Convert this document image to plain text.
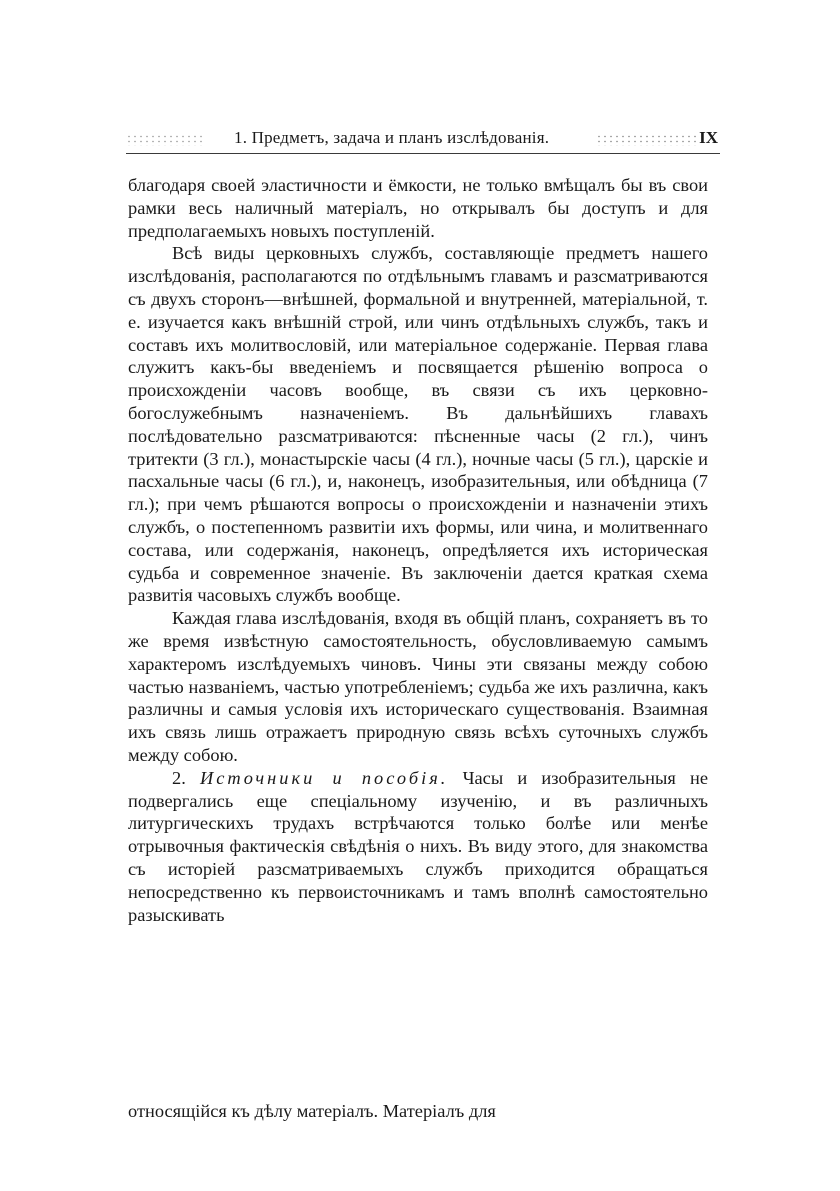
1. Предметъ, задача и планъ изслѣдованія.	IX

благодаря своей эластичности и ёмкости, не только вмѣщалъ бы въ свои рамки весь наличный матеріалъ, но открывалъ бы доступъ и для предполагаемыхъ новыхъ поступленій.

Всѣ виды церковныхъ службъ, составляющіе предметъ нашего изслѣдованія, располагаются по отдѣльнымъ главамъ и разсматриваются съ двухъ сторонъ—внѣшней, формальной и внутренней, матеріальной, т. е. изучается какъ внѣшній строй, или чинъ отдѣльныхъ службъ, такъ и составъ ихъ молитвословій, или матеріальное содержаніе. Первая глава служитъ какъ-бы введеніемъ и посвящается рѣшенію вопроса о происхожденіи часовъ вообще, въ связи съ ихъ церковно-богослужебнымъ назначеніемъ. Въ дальнѣйшихъ главахъ послѣдовательно разсматриваются: пѣсненные часы (2 гл.), чинъ тритекти (3 гл.), монастырскіе часы (4 гл.), ночные часы (5 гл.), царскіе и пасхальные часы (6 гл.), и, наконецъ, изобразительныя, или обѣдница (7 гл.); при чемъ рѣшаются вопросы о происхожденіи и назначеніи этихъ службъ, о постепенномъ развитіи ихъ формы, или чина, и молитвеннаго состава, или содержанія, наконецъ, опредѣляется ихъ историческая судьба и современное значеніе. Въ заключеніи дается краткая схема развитія часовыхъ службъ вообще.

Каждая глава изслѣдованія, входя въ общій планъ, сохраняетъ въ то же время извѣстную самостоятельность, обусловливаемую самымъ характеромъ изслѣдуемыхъ чиновъ. Чины эти связаны между собою частью названіемъ, частью употребленіемъ; судьба же ихъ различна, какъ различны и самыя условія ихъ историческаго существованія. Взаимная ихъ связь лишь отражаетъ природную связь всѣхъ суточныхъ службъ между собою.

2. Источники и пособія. Часы и изобразительныя не подвергались еще спеціальному изученію, и въ различныхъ литургическихъ трудахъ встрѣчаются только болѣе или менѣе отрывочныя фактическія свѣдѣнія о нихъ. Въ виду этого, для знакомства съ исторіей разсматриваемыхъ службъ приходится обращаться непосредственно къ первоисточникамъ и тамъ вполнѣ самостоятельно разыскивать

относящійся къ дѣлу матеріалъ. Матеріалъ для
